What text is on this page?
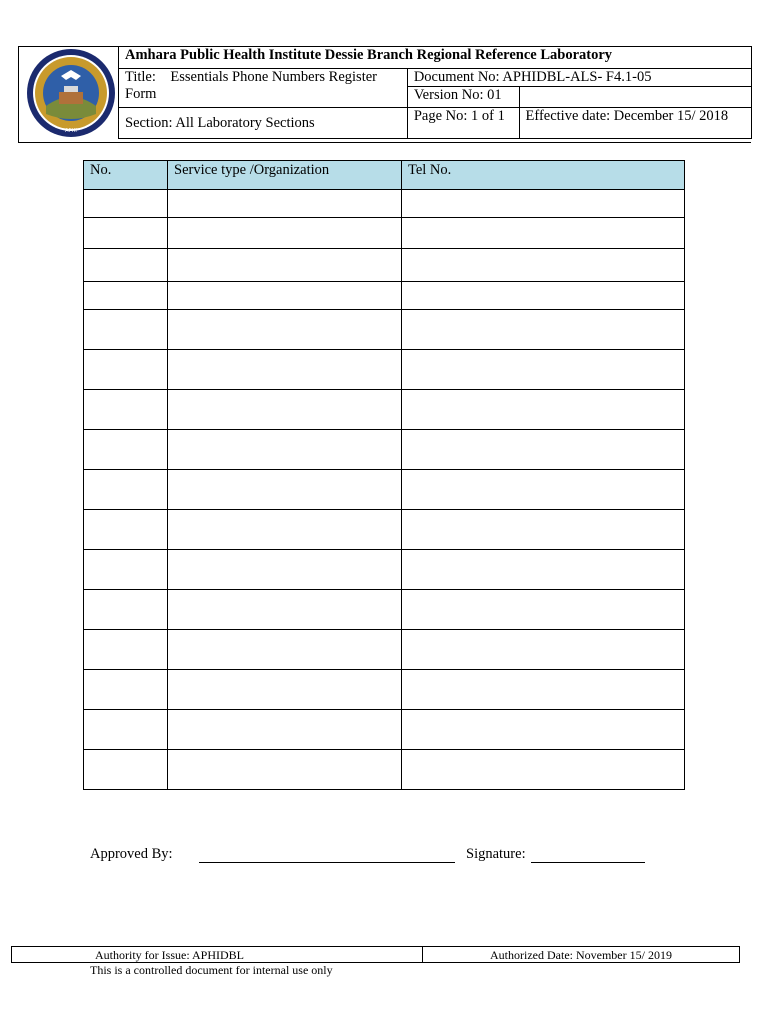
APHI
Amhara Public Health Institute Dessie Branch Regional Reference Laboratory		

Title:    Essentials Phone Numbers Register
Form	Document No: APHIDBL-ALS- F4.1-05	
	Version No: 01	
Section: All Laboratory Sections	Page No: 1 of 1	Effective date: December 15/ 2018
No.	Service type /Organization	Tel No.

Approved By:	Signature:
Authority for Issue: APHIDBL	Authorized Date: November 15/ 2019
This is a controlled document for internal use only
